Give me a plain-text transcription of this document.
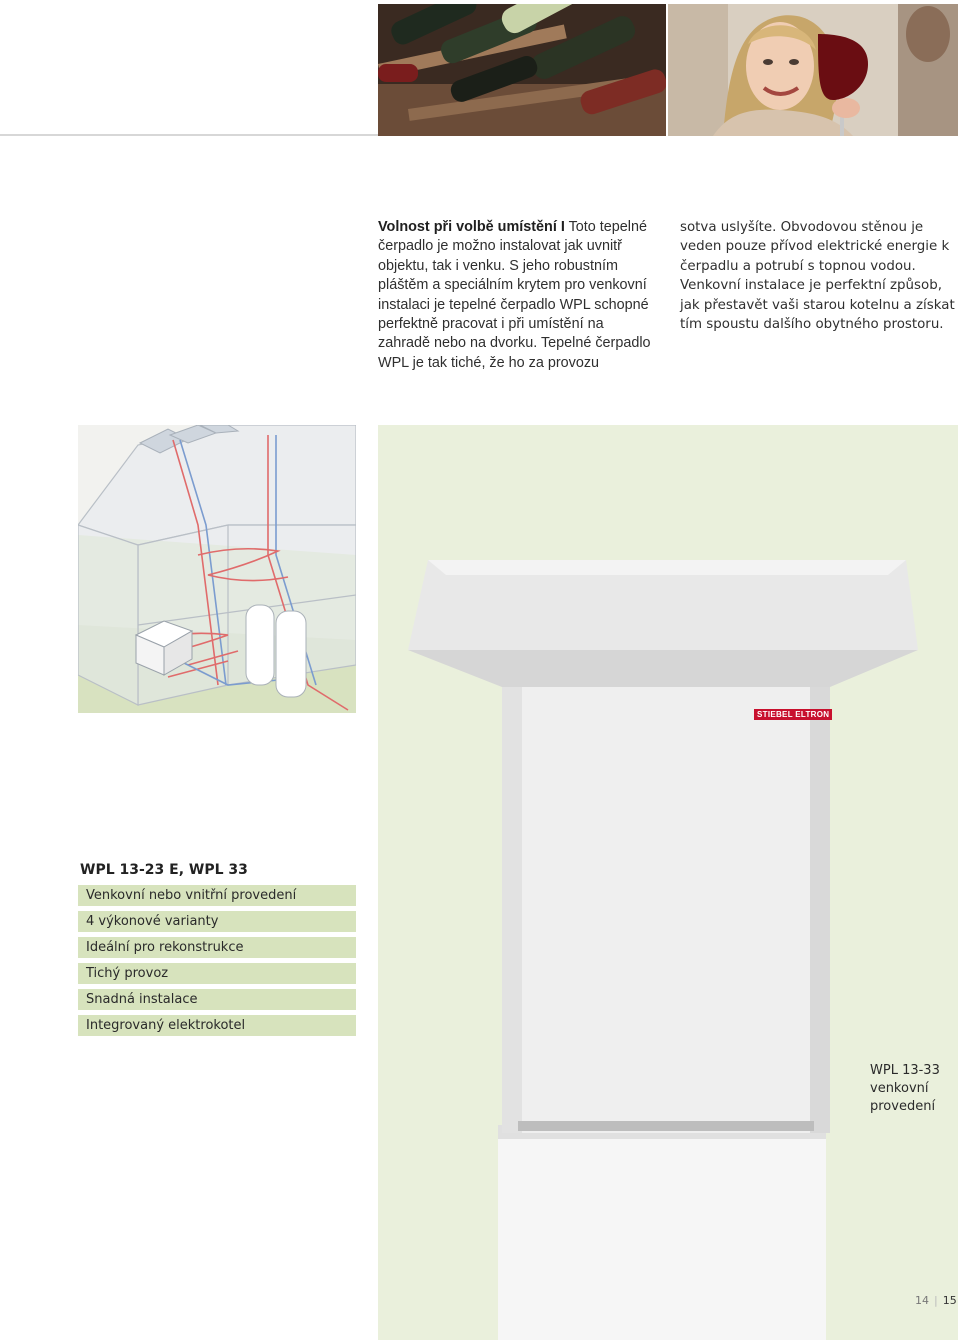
Volnost při volbě umístění I Toto tepelné čerpadlo je možno instalovat jak uvnitř objektu, tak i venku. S jeho robustním pláštěm a speciálním krytem pro venkovní instalaci je tepelné čerpadlo WPL schopné perfektně pracovat i při umístění na zahradě nebo na dvorku. Tepelné čerpadlo WPL je tak tiché, že ho za provozu
sotva uslyšíte. Obvodovou stěnou je veden pouze přívod elektrické energie k čerpadlu a potrubí s topnou vodou. Venkovní instalace je perfektní způsob, jak přestavět vaši starou kotelnu a získat tím spoustu dalšího obytného prostoru.
STIEBEL ELTRON
WPL 13-23 E, WPL 33
Venkovní nebo vnitřní provedení
4 výkonové varianty
Ideální pro rekonstrukce
Tichý provoz
Snadná instalace
Integrovaný elektrokotel
WPL 13-33
venkovní
provedení
14 | 15
